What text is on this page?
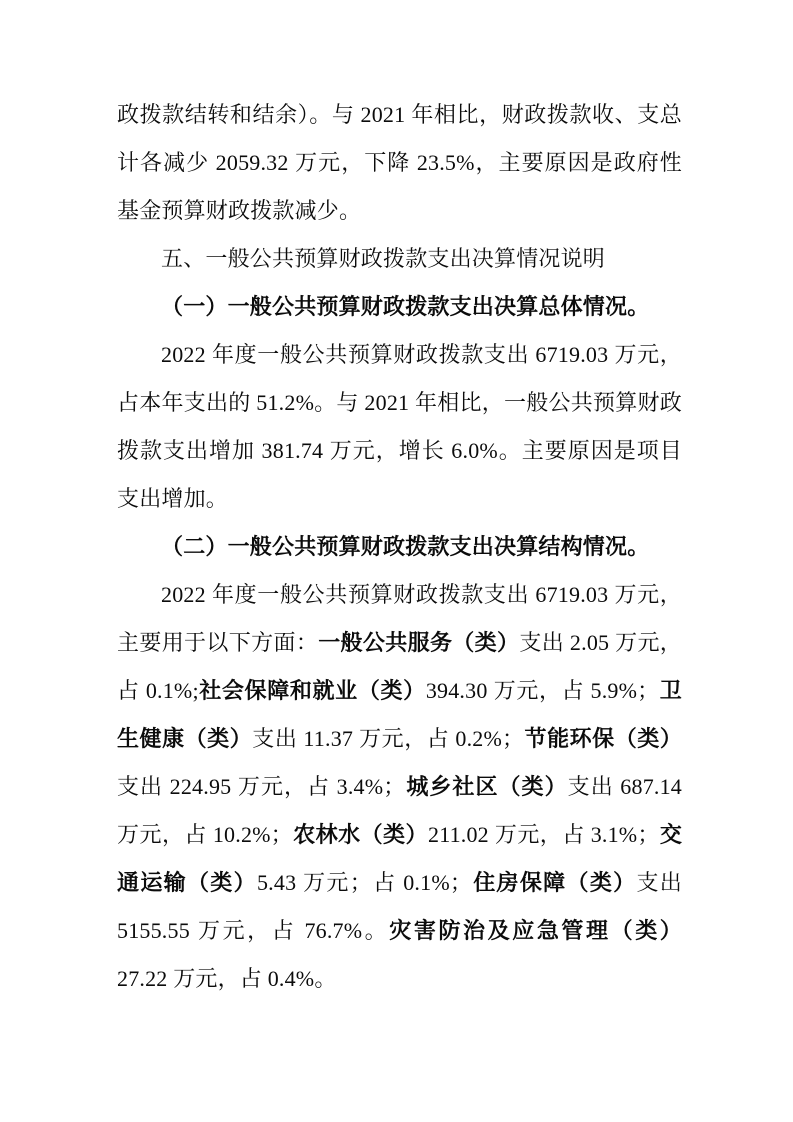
政拨款结转和结余）。与 2021 年相比，财政拨款收、支总计各减少 2059.32 万元，下降 23.5%，主要原因是政府性基金预算财政拨款减少。

五、一般公共预算财政拨款支出决算情况说明

（一）一般公共预算财政拨款支出决算总体情况。

2022 年度一般公共预算财政拨款支出 6719.03 万元，占本年支出的 51.2%。与 2021 年相比，一般公共预算财政拨款支出增加 381.74 万元，增长 6.0%。主要原因是项目支出增加。

（二）一般公共预算财政拨款支出决算结构情况。

2022 年度一般公共预算财政拨款支出 6719.03 万元，主要用于以下方面：一般公共服务（类）支出 2.05 万元，占 0.1%;社会保障和就业（类）394.30 万元，占 5.9%；卫生健康（类）支出 11.37 万元，占 0.2%；节能环保（类）支出 224.95 万元，占 3.4%；城乡社区（类）支出 687.14 万元，占 10.2%；农林水（类）211.02 万元，占 3.1%；交通运输（类）5.43 万元；占 0.1%；住房保障（类）支出 5155.55 万元，占 76.7%。灾害防治及应急管理（类）27.22 万元，占 0.4%。
